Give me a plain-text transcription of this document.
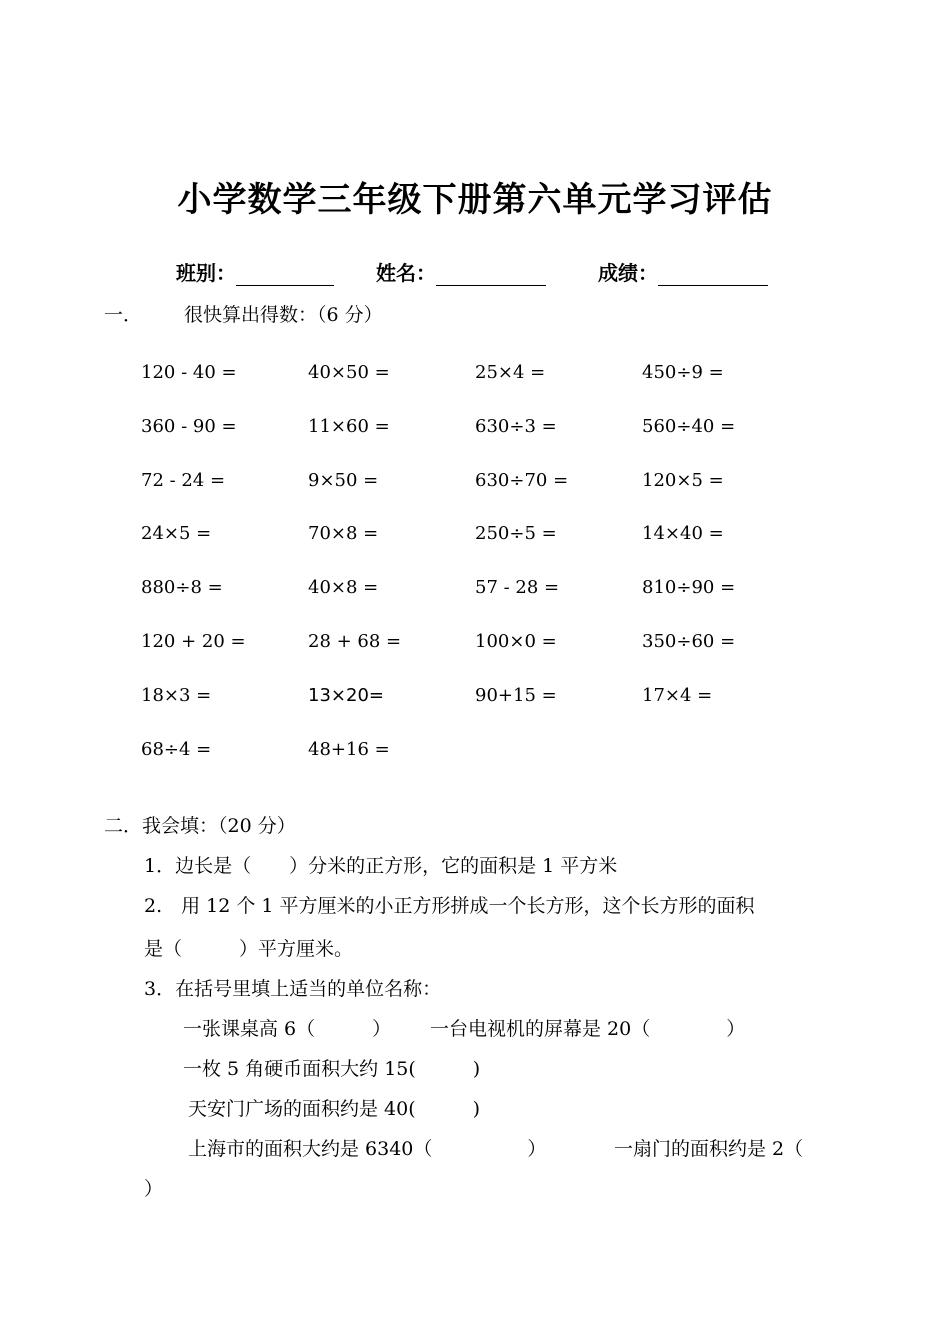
小学数学三年级下册第六单元学习评估
班别：	姓名：	成绩：
一． 很快算出得数：（6 分）
120 - 40 =	40×50 =	25×4 =	450÷9 =
360 - 90 =	11×60 =	630÷3 =	560÷40 =
72 - 24 =	9×50 =	630÷70 =	120×5 =
24×5 =	70×8 =	250÷5 =	14×40 =
880÷8 =	40×8 =	57 - 28 =	810÷90 =
120 + 20 =	28 + 68 =	100×0 =	350÷60 =
18×3 =	13×20=	90+15 =	17×4 =
68÷4 =	48+16 =
二．我会填：（20 分）
1．边长是（　　）分米的正方形，它的面积是 1 平方米
2.　用 12 个 1 平方厘米的小正方形拼成一个长方形，这个长方形的面积
是（　　　）平方厘米。
3．在括号里填上适当的单位名称：
一张课桌高 6（　　　） 一台电视机的屏幕是 20（　　　　）
一枚 5 角硬币面积大约 15(　　　)
天安门广场的面积约是 40(　　　)
上海市的面积大约是 6340（　　　　　）	一扇门的面积约是 2（
）
